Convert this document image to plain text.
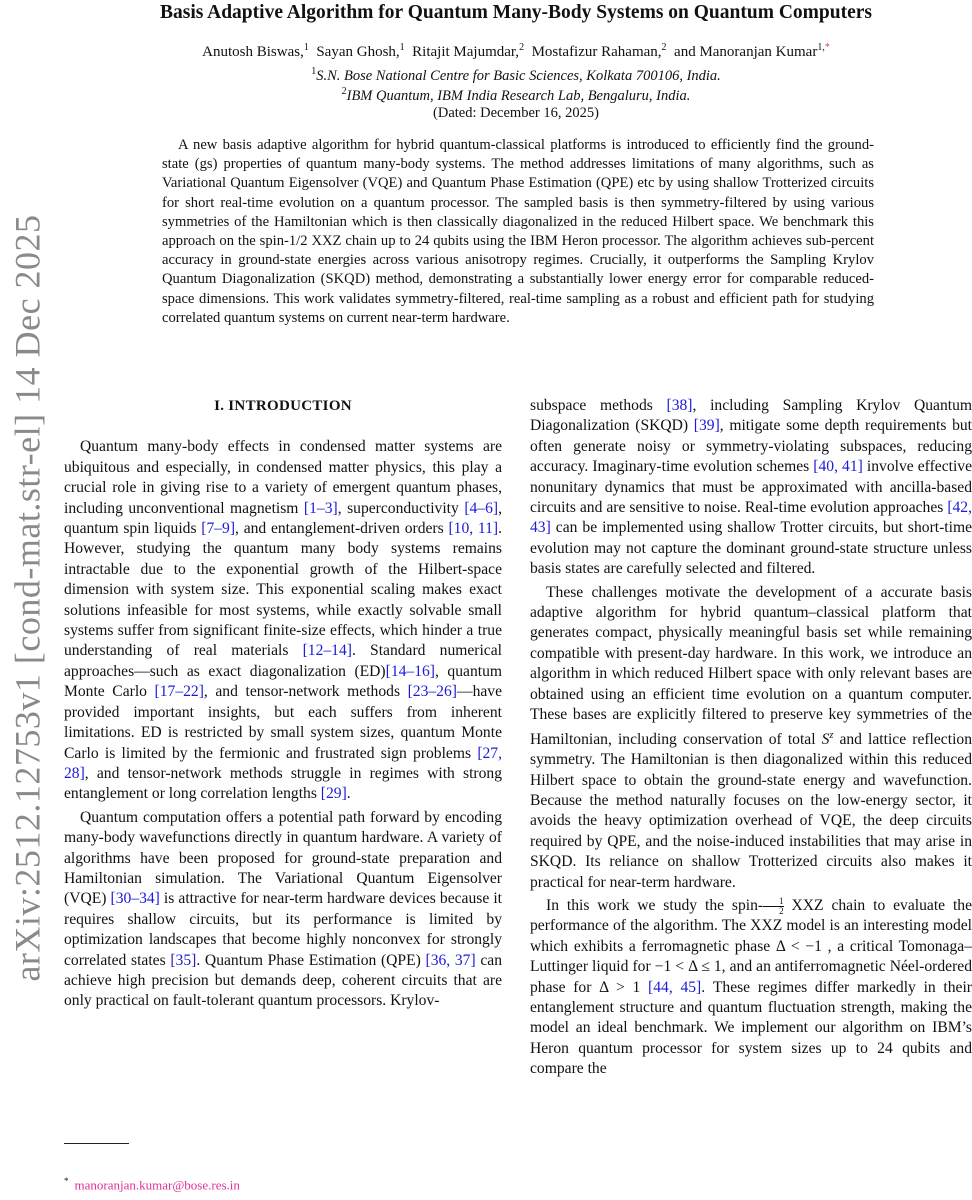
arXiv:2512.12753v1 [cond-mat.str-el] 14 Dec 2025
Basis Adaptive Algorithm for Quantum Many-Body Systems on Quantum Computers
Anutosh Biswas,$^1$ Sayan Ghosh,$^1$ Ritajit Majumdar,$^2$ Mostafizur Rahaman,$^2$ and Manoranjan Kumar$^{1,*}$
$^1$S.N. Bose National Centre for Basic Sciences, Kolkata 700106, India.
$^2$IBM Quantum, IBM India Research Lab, Bengaluru, India.
(Dated: December 16, 2025)

A new basis adaptive algorithm for hybrid quantum-classical platforms is introduced to efficiently find the ground-state (gs) properties of quantum many-body systems. The method addresses limitations of many algorithms, such as Variational Quantum Eigensolver (VQE) and Quantum Phase Estimation (QPE) etc by using shallow Trotterized circuits for short real-time evolution on a quantum processor. The sampled basis is then symmetry-filtered by using various symmetries of the Hamiltonian which is then classically diagonalized in the reduced Hilbert space. We benchmark this approach on the spin-1/2 XXZ chain up to 24 qubits using the IBM Heron processor. The algorithm achieves sub-percent accuracy in ground-state energies across various anisotropy regimes. Crucially, it outperforms the Sampling Krylov Quantum Diagonalization (SKQD) method, demonstrating a substantially lower energy error for comparable reduced-space dimensions. This work validates symmetry-filtered, real-time sampling as a robust and efficient path for studying correlated quantum systems on current near-term hardware.

I. INTRODUCTION

Quantum many-body effects in condensed matter systems are ubiquitous and especially, in condensed matter physics, this play a crucial role in giving rise to a variety of emergent quantum phases, including unconventional magnetism [1–3], superconductivity [4–6], quantum spin liquids [7–9], and entanglement-driven orders [10, 11]. However, studying the quantum many body systems remains intractable due to the exponential growth of the Hilbert-space dimension with system size. This exponential scaling makes exact solutions infeasible for most systems, while exactly solvable small systems suffer from significant finite-size effects, which hinder a true understanding of real materials [12–14]. Standard numerical approaches—such as exact diagonalization (ED)[14–16], quantum Monte Carlo [17–22], and tensor-network methods [23–26]—have provided important insights, but each suffers from inherent limitations. ED is restricted by small system sizes, quantum Monte Carlo is limited by the fermionic and frustrated sign problems [27, 28], and tensor-network methods struggle in regimes with strong entanglement or long correlation lengths [29].

Quantum computation offers a potential path forward by encoding many-body wavefunctions directly in quantum hardware. A variety of algorithms have been proposed for ground-state preparation and Hamiltonian simulation. The Variational Quantum Eigensolver (VQE) [30–34] is attractive for near-term hardware devices because it requires shallow circuits, but its performance is limited by optimization landscapes that become highly nonconvex for strongly correlated states [35]. Quantum Phase Estimation (QPE) [36, 37] can achieve high precision but demands deep, coherent circuits that are only practical on fault-tolerant quantum processors. Krylov-

* manoranjan.kumar@bose.res.in

subspace methods [38], including Sampling Krylov Quantum Diagonalization (SKQD) [39], mitigate some depth requirements but often generate noisy or symmetry-violating subspaces, reducing accuracy. Imaginary-time evolution schemes [40, 41] involve effective nonunitary dynamics that must be approximated with ancilla-based circuits and are sensitive to noise. Real-time evolution approaches [42, 43] can be implemented using shallow Trotter circuits, but short-time evolution may not capture the dominant ground-state structure unless basis states are carefully selected and filtered.

These challenges motivate the development of a accurate basis adaptive algorithm for hybrid quantum–classical platform that generates compact, physically meaningful basis set while remaining compatible with present-day hardware. In this work, we introduce an algorithm in which reduced Hilbert space with only relevant bases are obtained using an efficient time evolution on a quantum computer. These bases are explicitly filtered to preserve key symmetries of the Hamiltonian, including conservation of total $S^z$ and lattice reflection symmetry. The Hamiltonian is then diagonalized within this reduced Hilbert space to obtain the ground-state energy and wavefunction. Because the method naturally focuses on the low-energy sector, it avoids the heavy optimization overhead of VQE, the deep circuits required by QPE, and the noise-induced instabilities that may arise in SKQD. Its reliance on shallow Trotterized circuits also makes it practical for near-term hardware.

In this work we study the spin- $\frac{1}{2}$ XXZ chain to evaluate the performance of the algorithm. The XXZ model is an interesting model which exhibits a ferromagnetic phase Δ < −1 , a critical Tomonaga–Luttinger liquid for −1 < Δ ≤ 1, and an antiferromagnetic Néel-ordered phase for Δ > 1 [44, 45]. These regimes differ markedly in their entanglement structure and quantum fluctuation strength, making the model an ideal benchmark. We implement our algorithm on IBM’s Heron quantum processor for system sizes up to 24 qubits and compare the
